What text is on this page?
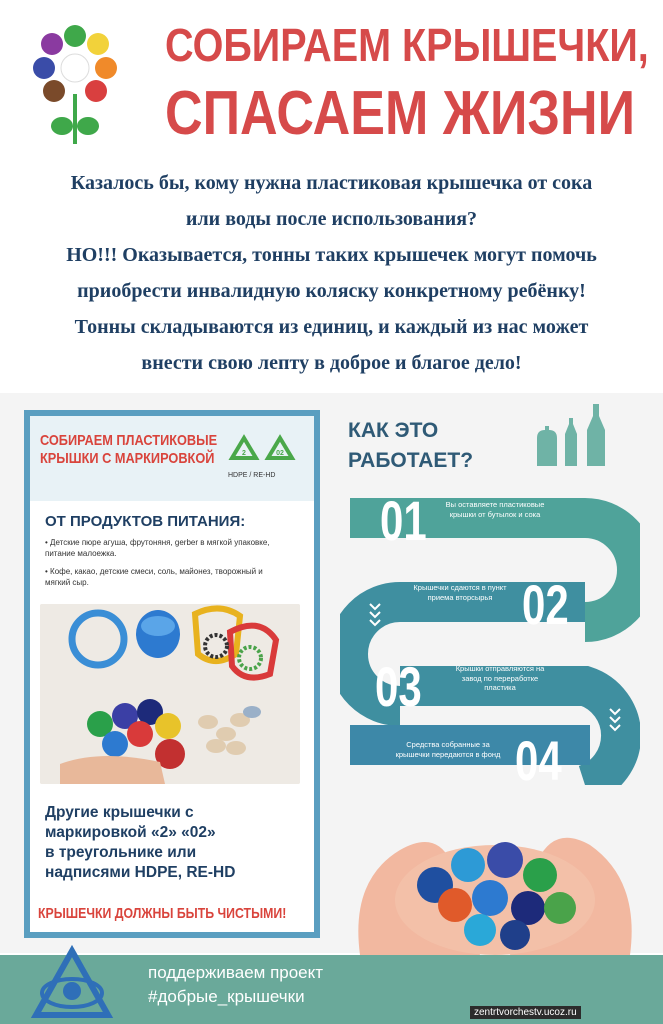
СОБИРАЕМ КРЫШЕЧКИ,
СПАСАЕМ ЖИЗНИ

Казалось бы, кому нужна пластиковая крышечка от сока

или воды после использования?

НО!!! Оказывается, тонны таких крышечек могут помочь

приобрести инвалидную коляску конкретному ребёнку!

Тонны складываются из единиц, и каждый из нас может

внести свою лепту в доброе и благое дело!

СОБИРАЕМ ПЛАСТИКОВЫЕ КРЫШКИ С МАРКИРОВКОЙ	2	02
HDPE / RE-HD
ОТ ПРОДУКТОВ ПИТАНИЯ:
• Детские пюре агуша, фрутоняня, gerber в мягкой упаковке, питание малоежка.
• Кофе, какао, детские смеси, соль, майонез, творожный и мягкий сыр.
Другие крышечки с
маркировкой «2» «02»
в треугольнике или
надписями HDPE, RE-HD
КРЫШЕЧКИ ДОЛЖНЫ БЫТЬ ЧИСТЫМИ!
КАК ЭТО
РАБОТАЕТ?
01	Вы оставляете пластиковые крышки от бутылок и сока
02
Крышечки сдаются в пункт приема вторсырья
03	Крышки отправляются на завод по переработке пластика
04
Средства собранные за крышечки передаются в фонд
поддерживаем проект
#добрые_крышечки
zentrtvorchestv.ucoz.ru
